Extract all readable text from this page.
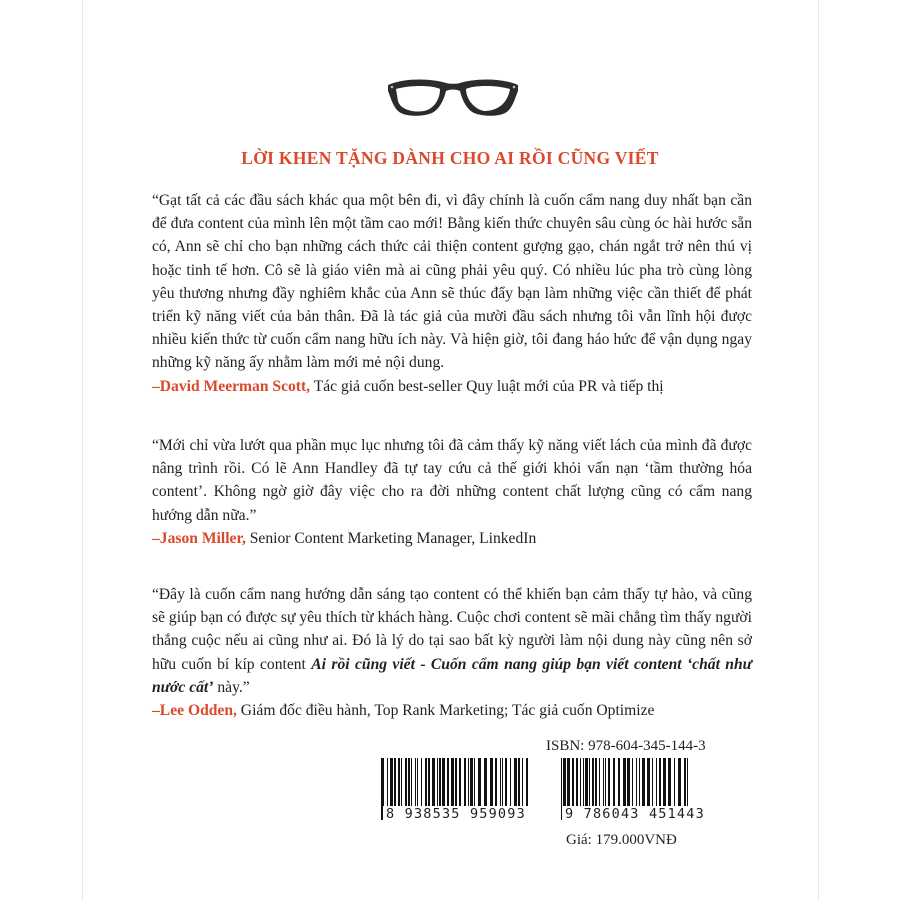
LỜI KHEN TẶNG DÀNH CHO AI RỒI CŨNG VIẾT

“Gạt tất cả các đầu sách khác qua một bên đi, vì đây chính là cuốn cẩm nang duy nhất bạn cần để đưa content của mình lên một tầm cao mới! Bằng kiến thức chuyên sâu cùng óc hài hước sẵn có, Ann sẽ chỉ cho bạn những cách thức cải thiện content gượng gạo, chán ngắt trở nên thú vị hoặc tinh tế hơn. Cô sẽ là giáo viên mà ai cũng phải yêu quý. Có nhiều lúc pha trò cùng lòng yêu thương nhưng đầy nghiêm khắc của Ann sẽ thúc đẩy bạn làm những việc cần thiết để phát triển kỹ năng viết của bản thân. Đã là tác giả của mười đầu sách nhưng tôi vẫn lĩnh hội được nhiều kiến thức từ cuốn cẩm nang hữu ích này. Và hiện giờ, tôi đang háo hức để vận dụng ngay những kỹ năng ấy nhằm làm mới mẻ nội dung.

–David Meerman Scott, Tác giả cuốn best-seller Quy luật mới của PR và tiếp thị

“Mới chỉ vừa lướt qua phần mục lục nhưng tôi đã cảm thấy kỹ năng viết lách của mình đã được nâng trình rồi. Có lẽ Ann Handley đã tự tay cứu cả thế giới khỏi vấn nạn ‘tầm thường hóa content’. Không ngờ giờ đây việc cho ra đời những content chất lượng cũng có cẩm nang hướng dẫn nữa.”

–Jason Miller, Senior Content Marketing Manager, LinkedIn

“Đây là cuốn cẩm nang hướng dẫn sáng tạo content có thể khiến bạn cảm thấy tự hào, và cũng sẽ giúp bạn có được sự yêu thích từ khách hàng. Cuộc chơi content sẽ mãi chẳng tìm thấy người thắng cuộc nếu ai cũng như ai. Đó là lý do tại sao bất kỳ người làm nội dung này cũng nên sở hữu cuốn bí kíp content Ai rồi cũng viết - Cuốn cẩm nang giúp bạn viết content ‘chất như nước cất’ này.”

–Lee Odden, Giám đốc điều hành, Top Rank Marketing; Tác giả cuốn Optimize
ISBN: 978-604-345-144-3
8 938535 959093	9 786043 451443
Giá: 179.000VNĐ
